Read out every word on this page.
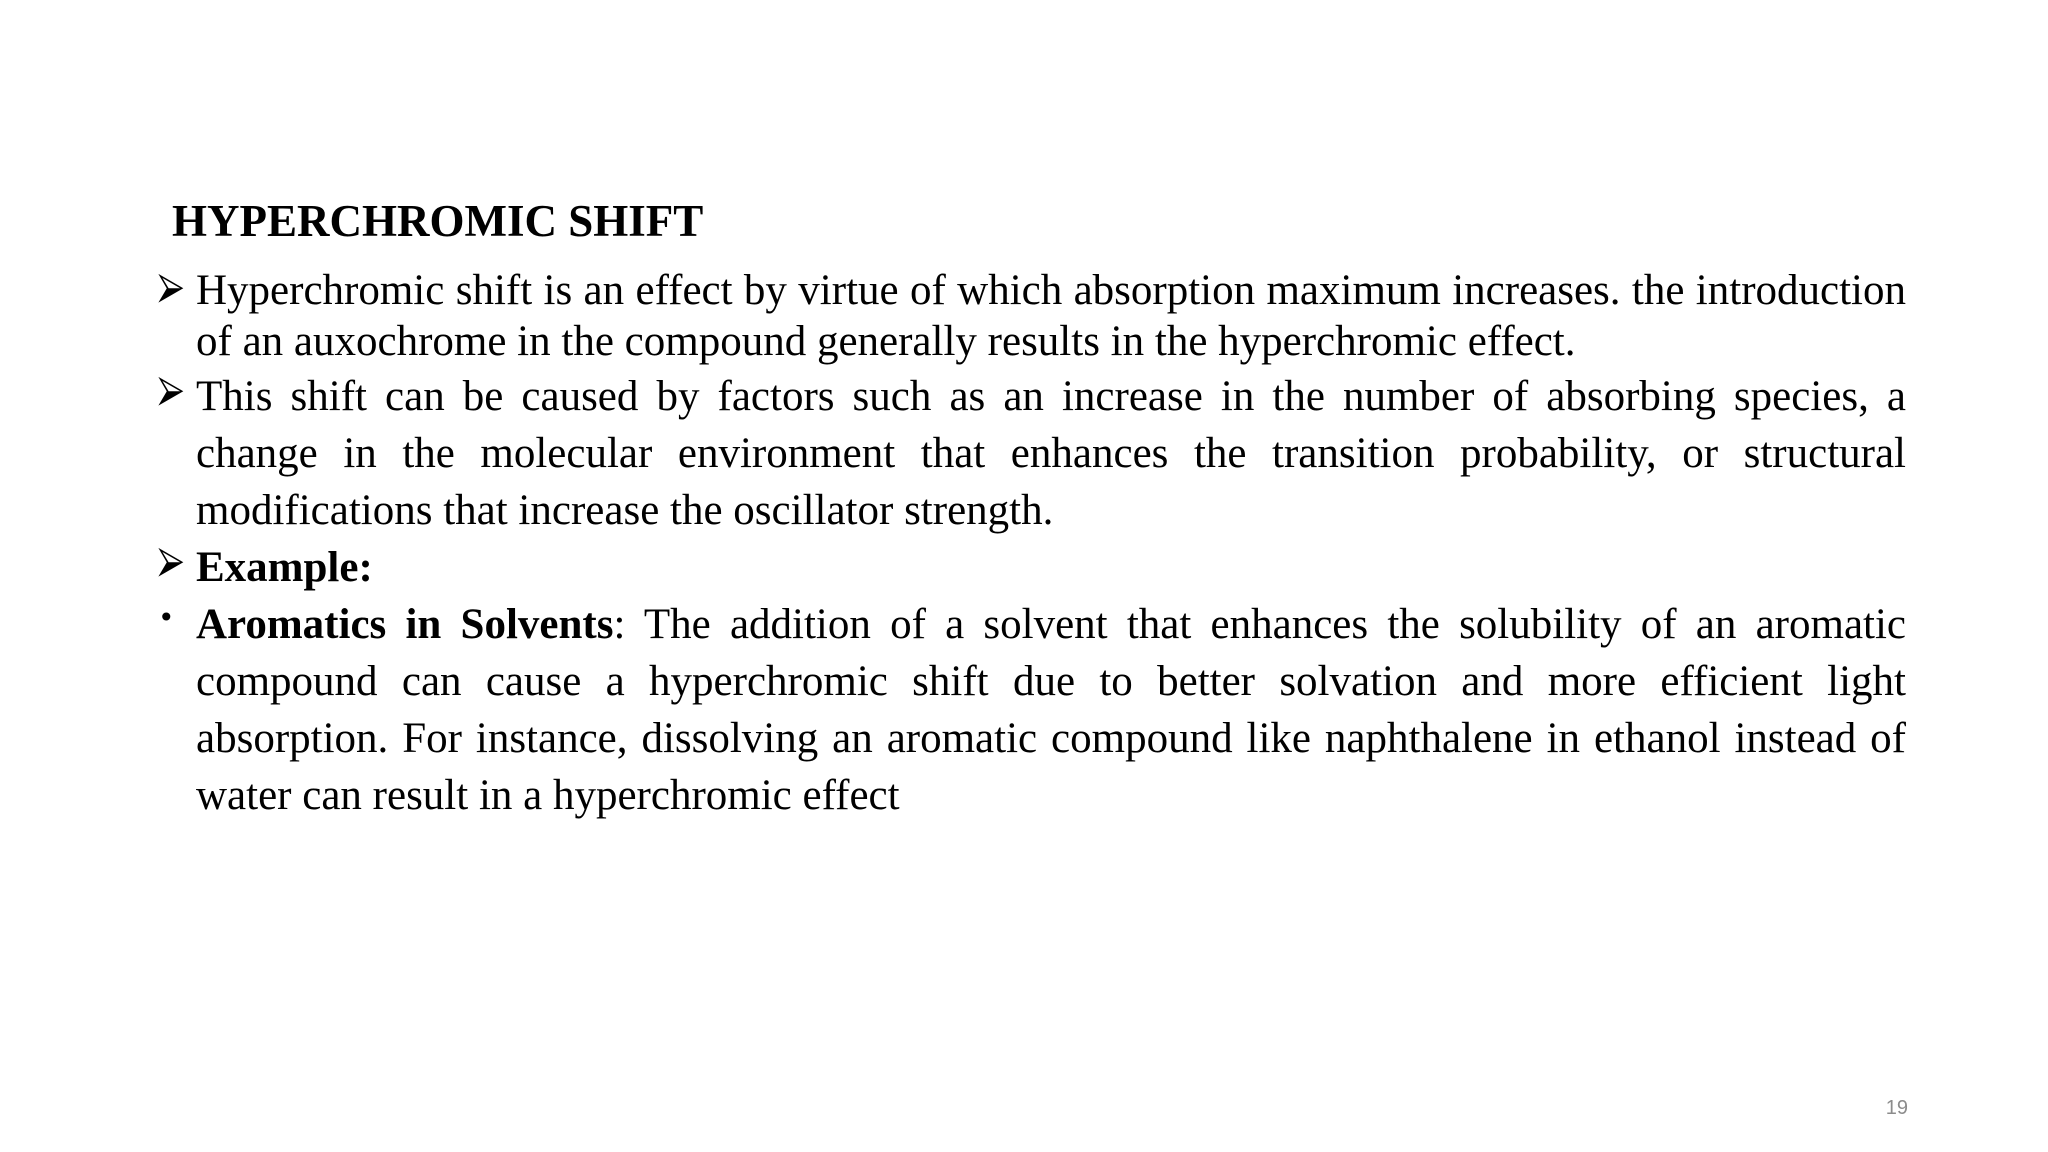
HYPERCHROMIC SHIFT

⮚ Hyperchromic shift is an effect by virtue of which absorption maximum increases. the introduction of an auxochrome in the compound generally results in the hyperchromic effect.

⮚ This shift can be caused by factors such as an increase in the number of absorbing species, a change in the molecular environment that enhances the transition probability, or structural modifications that increase the oscillator strength.

⮚ Example:

• Aromatics in Solvents: The addition of a solvent that enhances the solubility of an aromatic compound can cause a hyperchromic shift due to better solvation and more efficient light absorption. For instance, dissolving an aromatic compound like naphthalene in ethanol instead of water can result in a hyperchromic effect

19
